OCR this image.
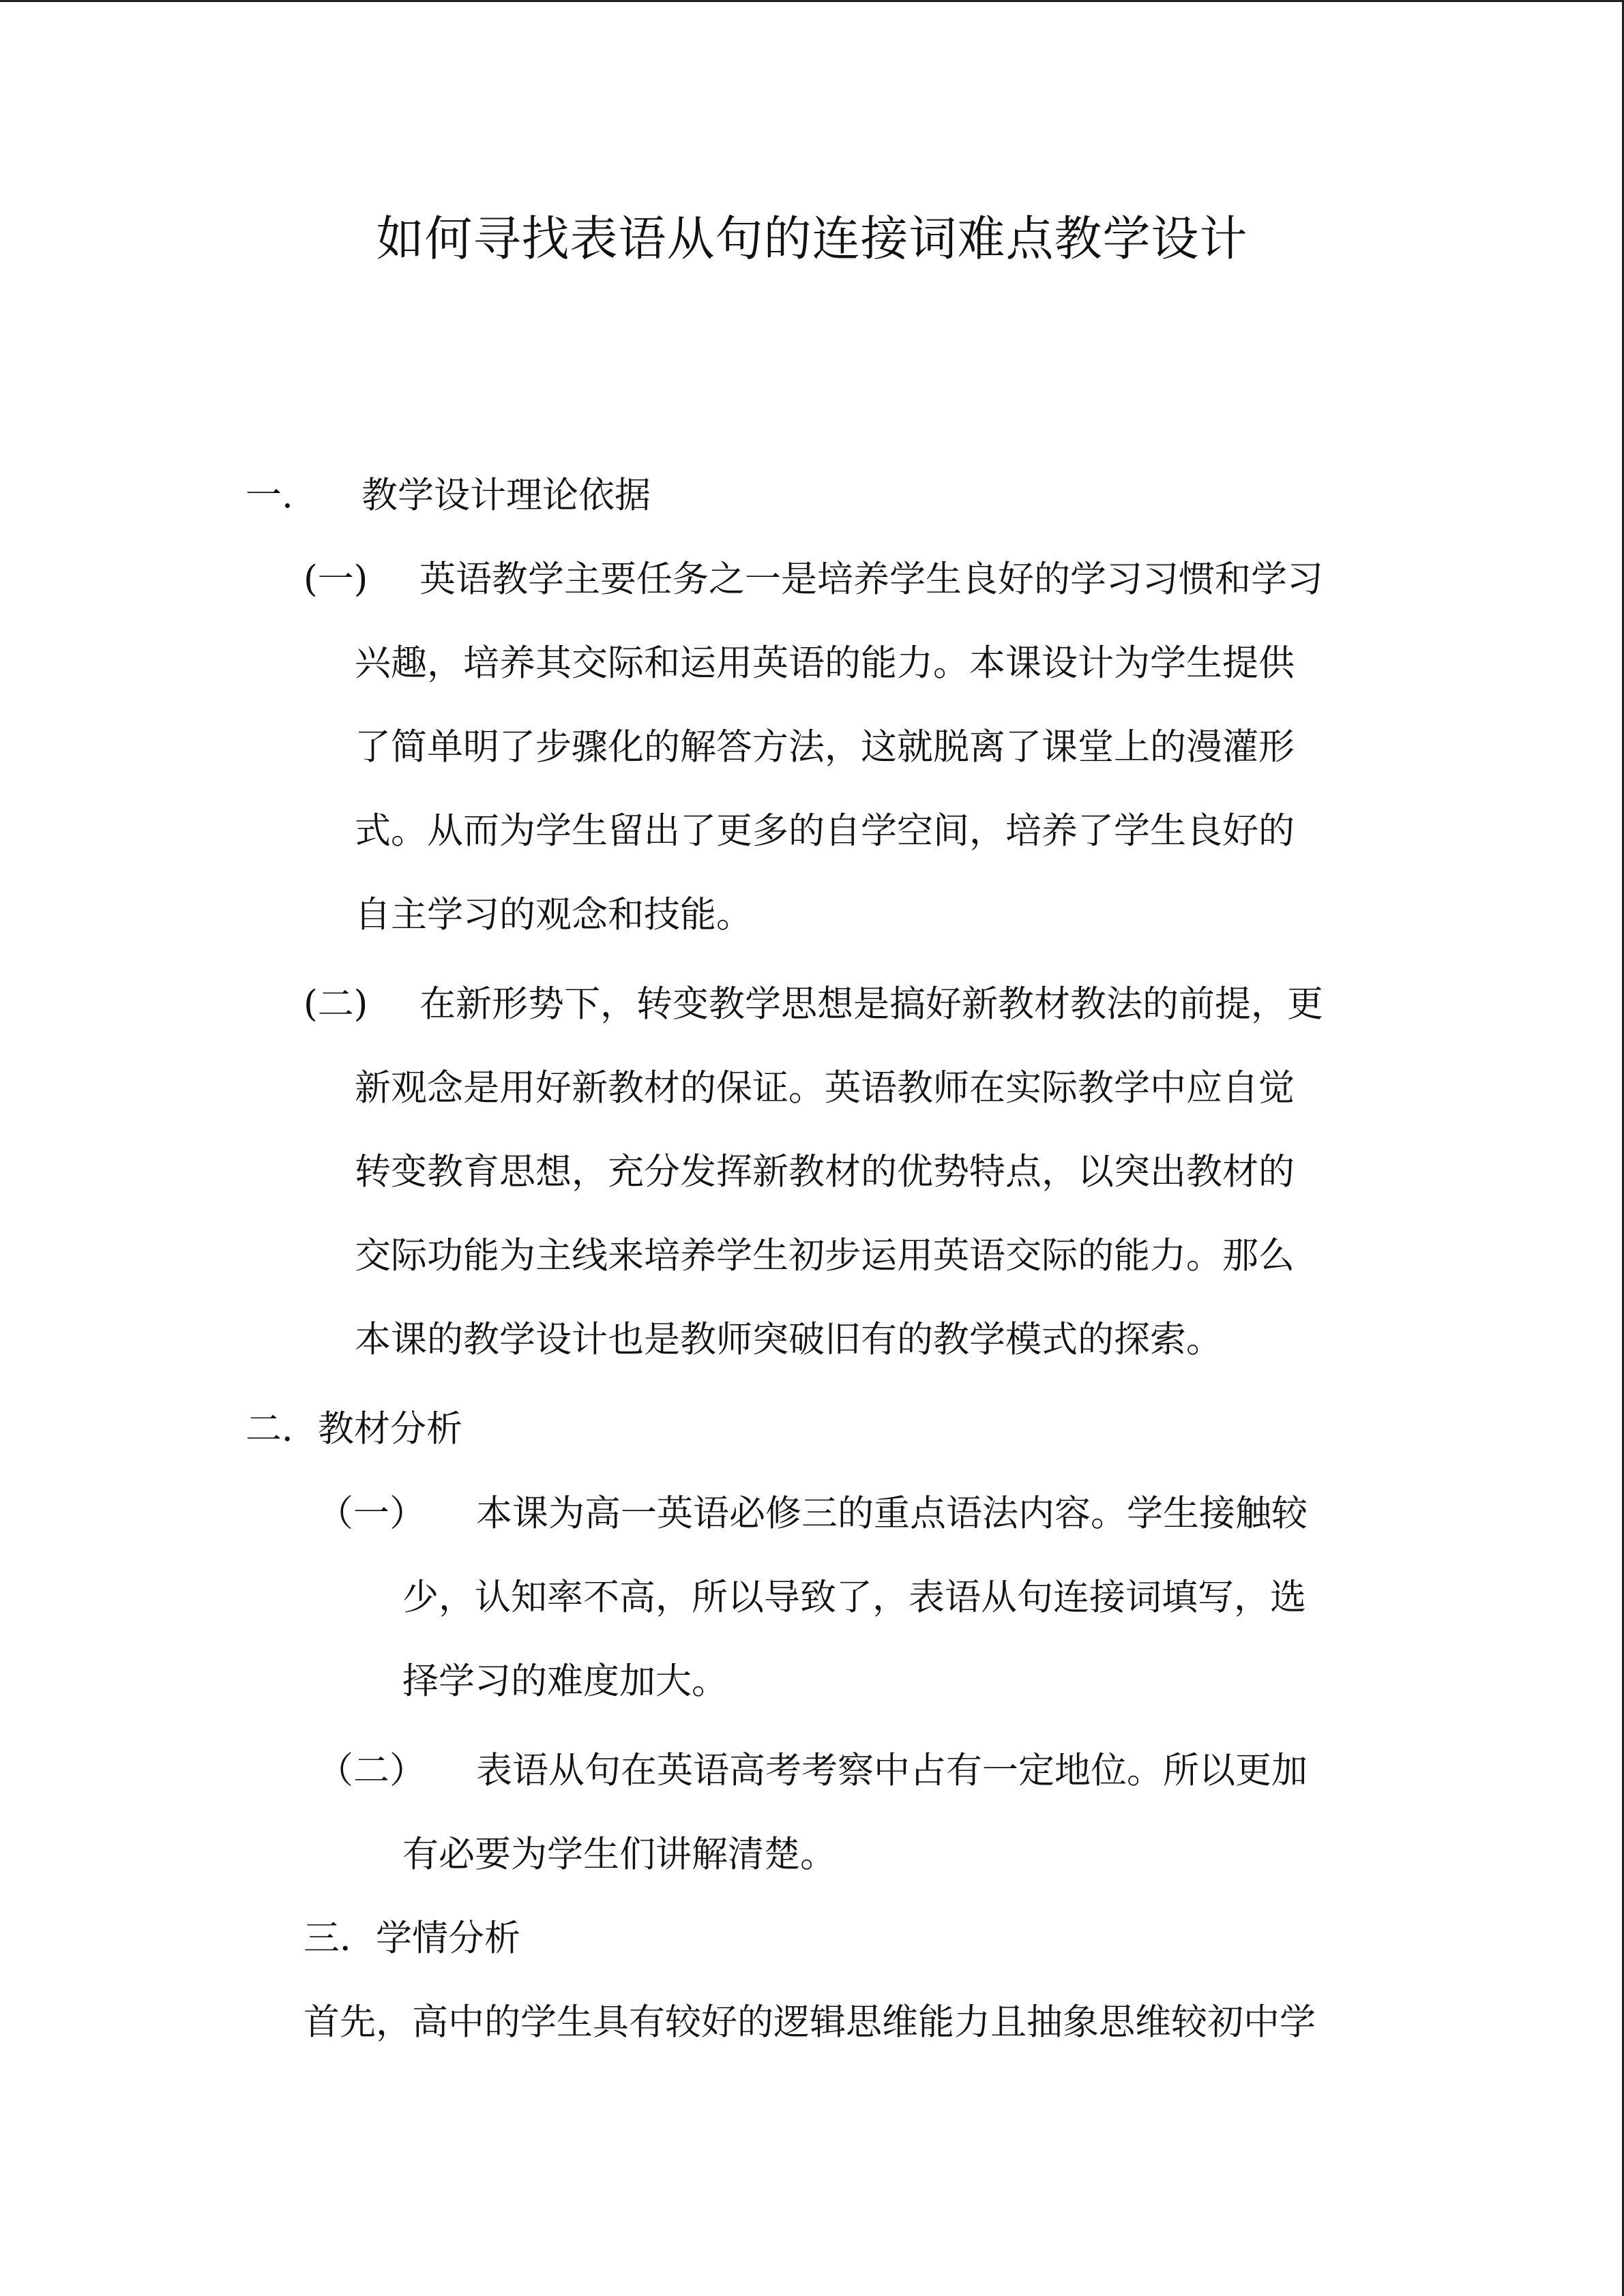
如何寻找表语从句的连接词难点教学设计
一. 教学设计理论依据
(一) 英语教学主要任务之一是培养学生良好的学习习惯和学习
兴趣，培养其交际和运用英语的能力。本课设计为学生提供
了简单明了步骤化的解答方法，这就脱离了课堂上的漫灌形
式。从而为学生留出了更多的自学空间，培养了学生良好的
自主学习的观念和技能。
(二) 在新形势下，转变教学思想是搞好新教材教法的前提，更
新观念是用好新教材的保证。英语教师在实际教学中应自觉
转变教育思想，充分发挥新教材的优势特点，以突出教材的
交际功能为主线来培养学生初步运用英语交际的能力。那么
本课的教学设计也是教师突破旧有的教学模式的探索。
二．教材分析
（一） 本课为高一英语必修三的重点语法内容。学生接触较
少，认知率不高，所以导致了，表语从句连接词填写，选
择学习的难度加大。
（二） 表语从句在英语高考考察中占有一定地位。所以更加
有必要为学生们讲解清楚。
三．学情分析
首先，高中的学生具有较好的逻辑思维能力且抽象思维较初中学
